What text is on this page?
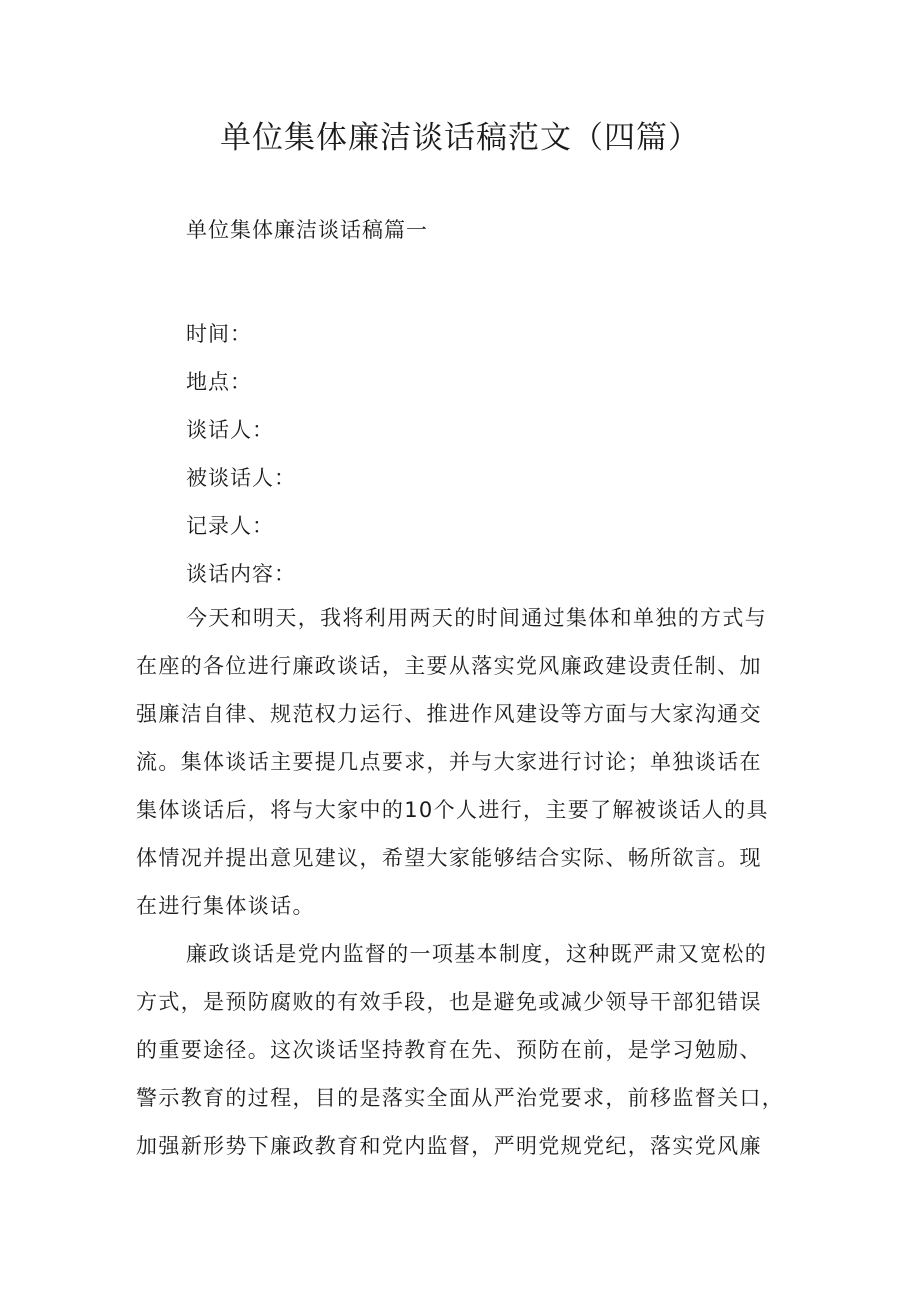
单位集体廉洁谈话稿范文（四篇）
单位集体廉洁谈话稿篇一
时间：
地点：
谈话人：
被谈话人：
记录人：
谈话内容：

今天和明天，我将利用两天的时间通过集体和单独的方式与
在座的各位进行廉政谈话，主要从落实党风廉政建设责任制、加
强廉洁自律、规范权力运行、推进作风建设等方面与大家沟通交
流。集体谈话主要提几点要求，并与大家进行讨论；单独谈话在
集体谈话后，将与大家中的10个人进行，主要了解被谈话人的具
体情况并提出意见建议，希望大家能够结合实际、畅所欲言。现
在进行集体谈话。

廉政谈话是党内监督的一项基本制度，这种既严肃又宽松的
方式，是预防腐败的有效手段，也是避免或减少领导干部犯错误
的重要途径。这次谈话坚持教育在先、预防在前，是学习勉励、
警示教育的过程，目的是落实全面从严治党要求，前移监督关口，
加强新形势下廉政教育和党内监督，严明党规党纪，落实党风廉
